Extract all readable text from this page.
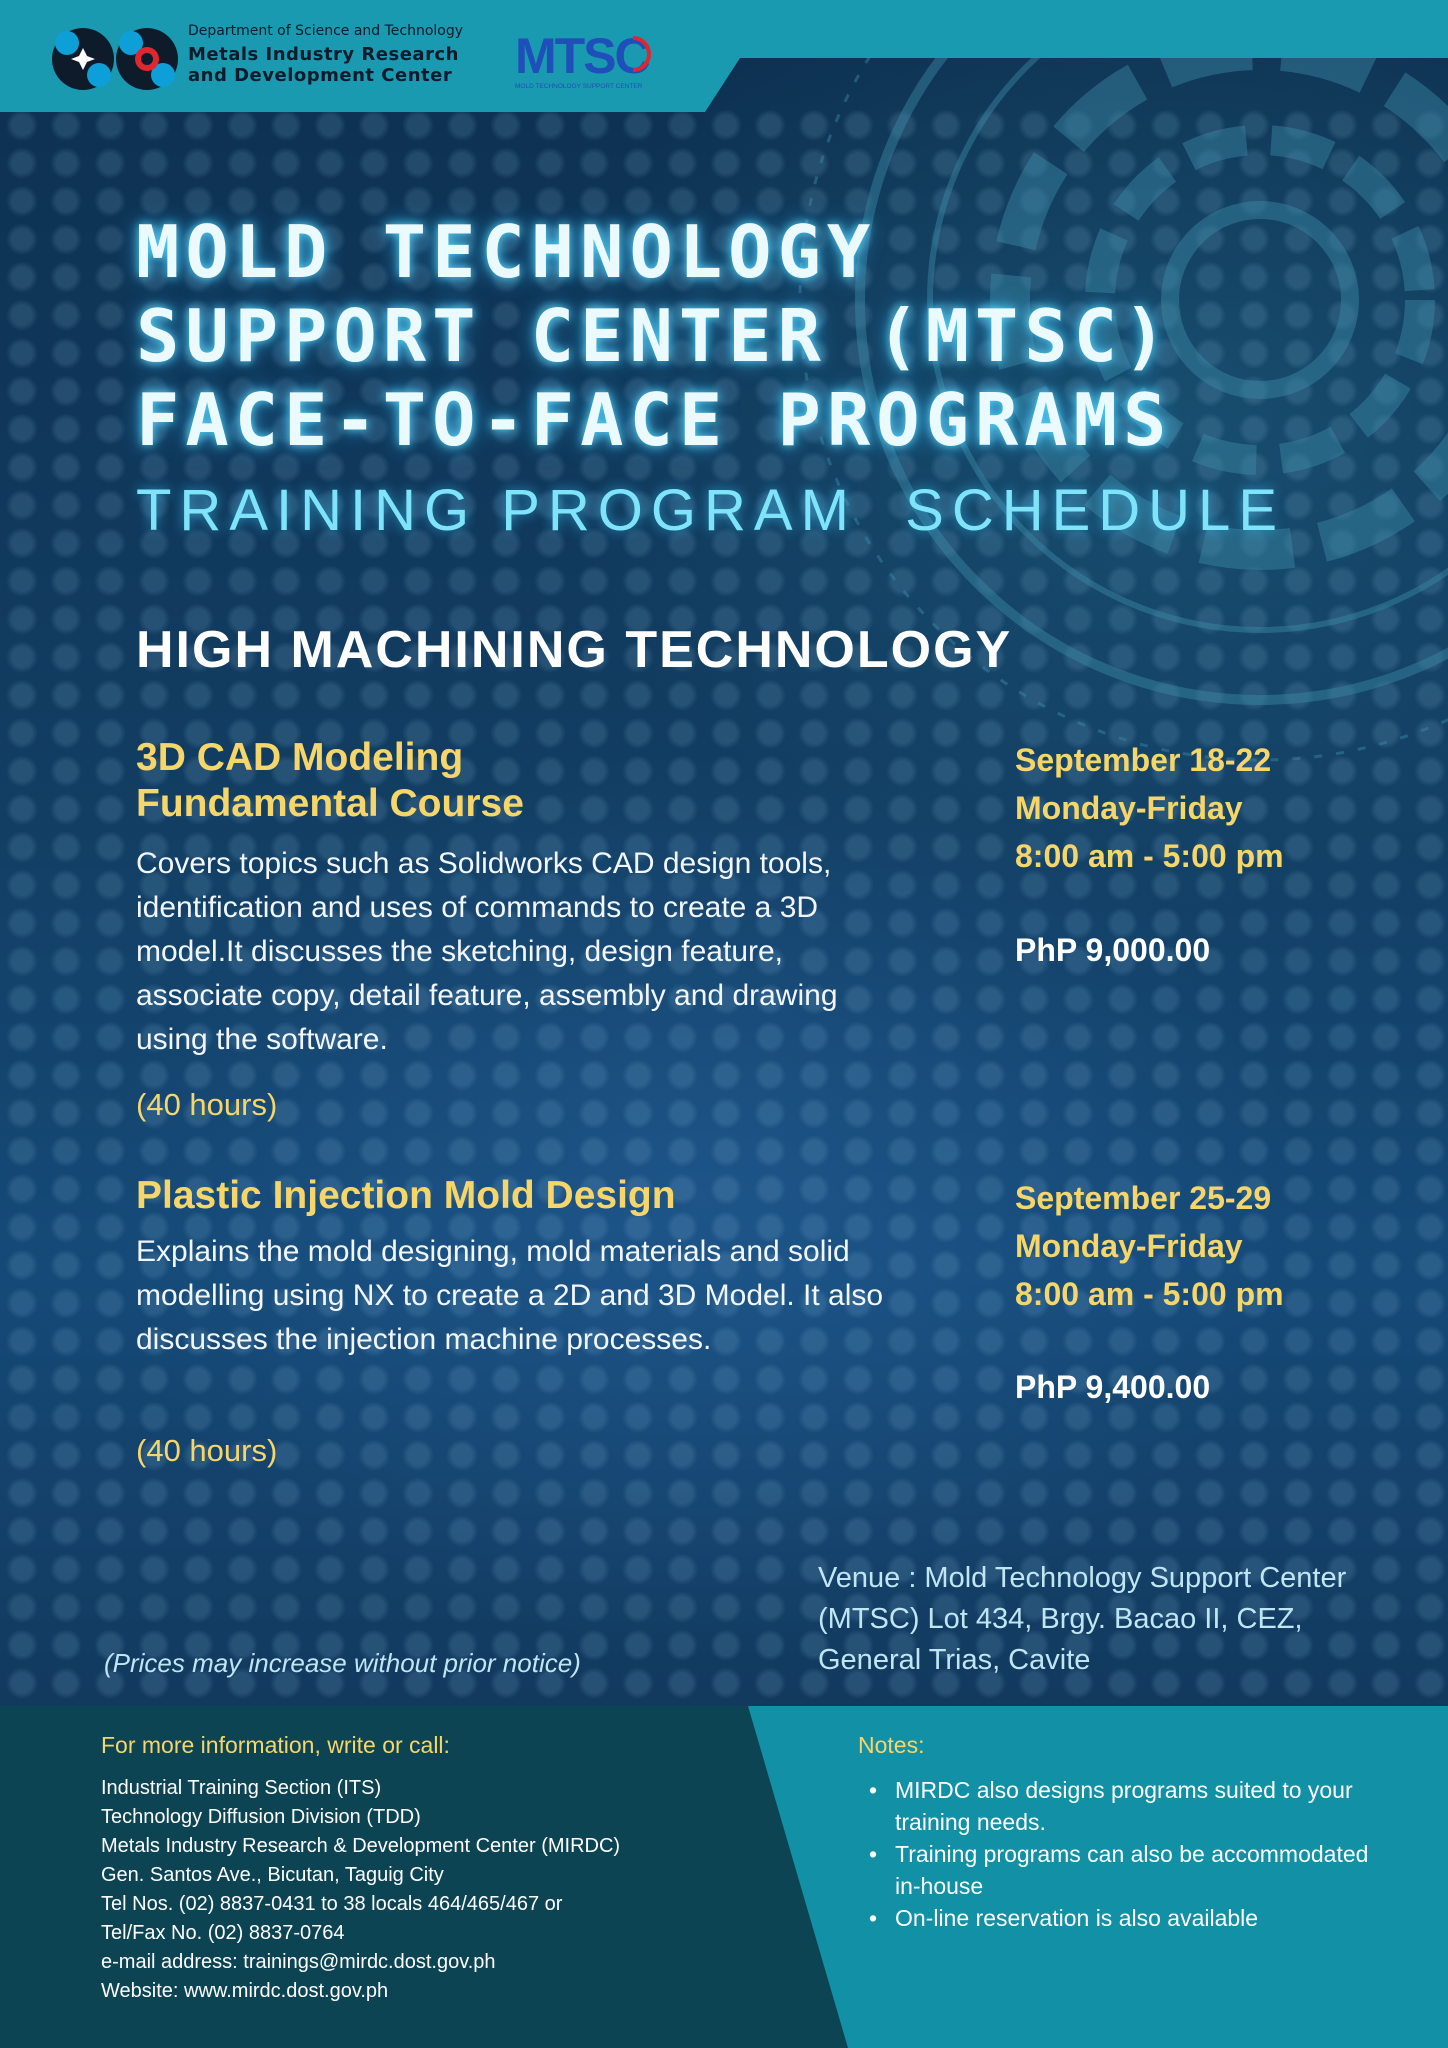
Department of Science and Technology
Metals Industry Research
and Development Center MTSC
MOLD TECHNOLOGY SUPPORT CENTER
MOLD TECHNOLOGY
SUPPORT CENTER (MTSC)
FACE-TO-FACE PROGRAMS
TRAINING PROGRAM  SCHEDULE
HIGH MACHINING TECHNOLOGY
3D CAD Modeling
Fundamental Course

Covers topics such as Solidworks CAD design tools, identification and uses of commands to create a 3D model.It discusses the sketching, design feature, associate copy, detail feature, assembly and drawing using the software.

(40 hours)
September 18-22
Monday-Friday
8:00 am - 5:00 pm
PhP 9,000.00
Plastic Injection Mold Design

Explains the mold designing, mold materials and solid modelling using NX to create a 2D and 3D Model. It also discusses the injection machine processes.

(40 hours)
September 25-29
Monday-Friday
8:00 am - 5:00 pm
PhP 9,400.00
Venue : Mold Technology Support Center (MTSC) Lot 434, Brgy. Bacao II, CEZ, General Trias, Cavite
(Prices may increase without prior notice)
For more information, write or call:
Industrial Training Section (ITS)
Technology Diffusion Division (TDD)
Metals Industry Research & Development Center (MIRDC)
Gen. Santos Ave., Bicutan, Taguig City
Tel Nos. (02) 8837-0431 to 38 locals 464/465/467 or
Tel/Fax No. (02) 8837-0764
e-mail address: trainings@mirdc.dost.gov.ph
Website: www.mirdc.dost.gov.ph
Notes:
• MIRDC also designs programs suited to your training needs.
• Training programs can also be accommodated in-house
• On-line reservation is also available
